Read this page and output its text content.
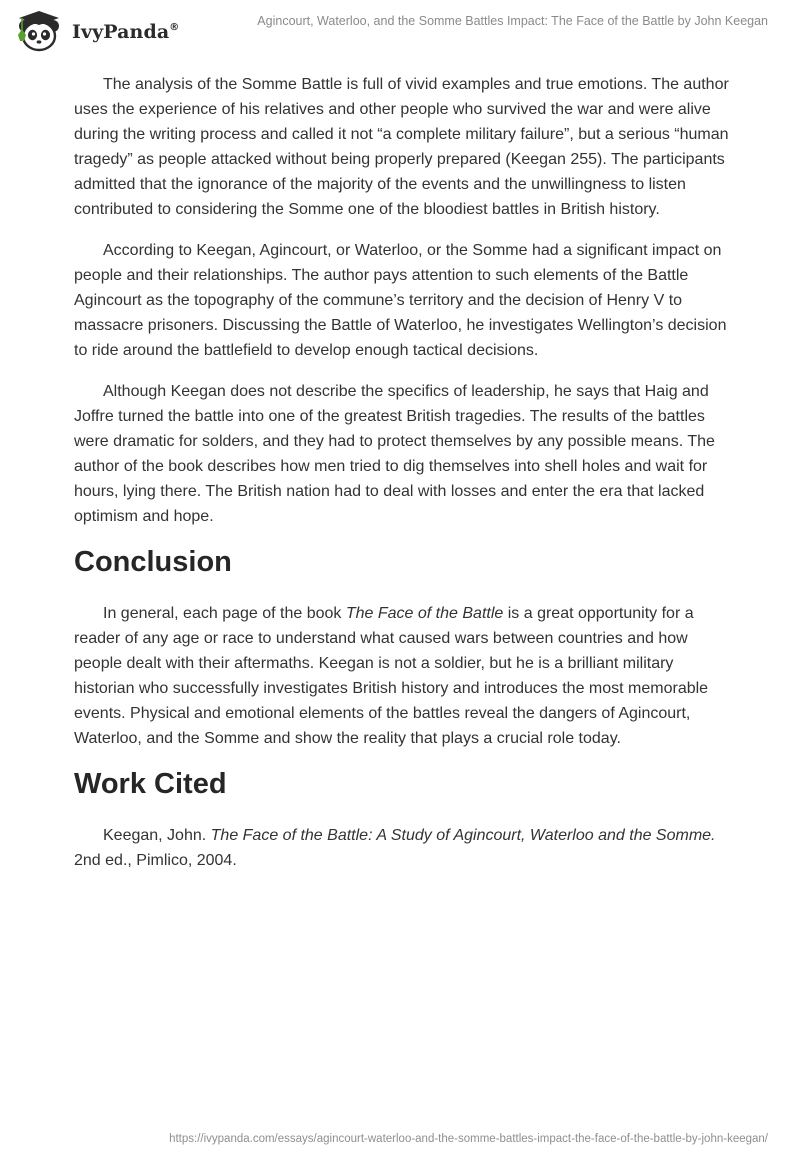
IvyPanda®	Agincourt, Waterloo, and the Somme Battles Impact: The Face of the Battle by John Keegan

The analysis of the Somme Battle is full of vivid examples and true emotions. The author uses the experience of his relatives and other people who survived the war and were alive during the writing process and called it not “a complete military failure”, but a serious “human tragedy” as people attacked without being properly prepared (Keegan 255). The participants admitted that the ignorance of the majority of the events and the unwillingness to listen contributed to considering the Somme one of the bloodiest battles in British history.

According to Keegan, Agincourt, or Waterloo, or the Somme had a significant impact on people and their relationships. The author pays attention to such elements of the Battle Agincourt as the topography of the commune’s territory and the decision of Henry V to massacre prisoners. Discussing the Battle of Waterloo, he investigates Wellington’s decision to ride around the battlefield to develop enough tactical decisions.

Although Keegan does not describe the specifics of leadership, he says that Haig and Joffre turned the battle into one of the greatest British tragedies. The results of the battles were dramatic for solders, and they had to protect themselves by any possible means. The author of the book describes how men tried to dig themselves into shell holes and wait for hours, lying there. The British nation had to deal with losses and enter the era that lacked optimism and hope.

Conclusion

In general, each page of the book The Face of the Battle is a great opportunity for a reader of any age or race to understand what caused wars between countries and how people dealt with their aftermaths. Keegan is not a soldier, but he is a brilliant military historian who successfully investigates British history and introduces the most memorable events. Physical and emotional elements of the battles reveal the dangers of Agincourt, Waterloo, and the Somme and show the reality that plays a crucial role today.

Work Cited

Keegan, John. The Face of the Battle: A Study of Agincourt, Waterloo and the Somme. 2nd ed., Pimlico, 2004.

https://ivypanda.com/essays/agincourt-waterloo-and-the-somme-battles-impact-the-face-of-the-battle-by-john-keegan/
